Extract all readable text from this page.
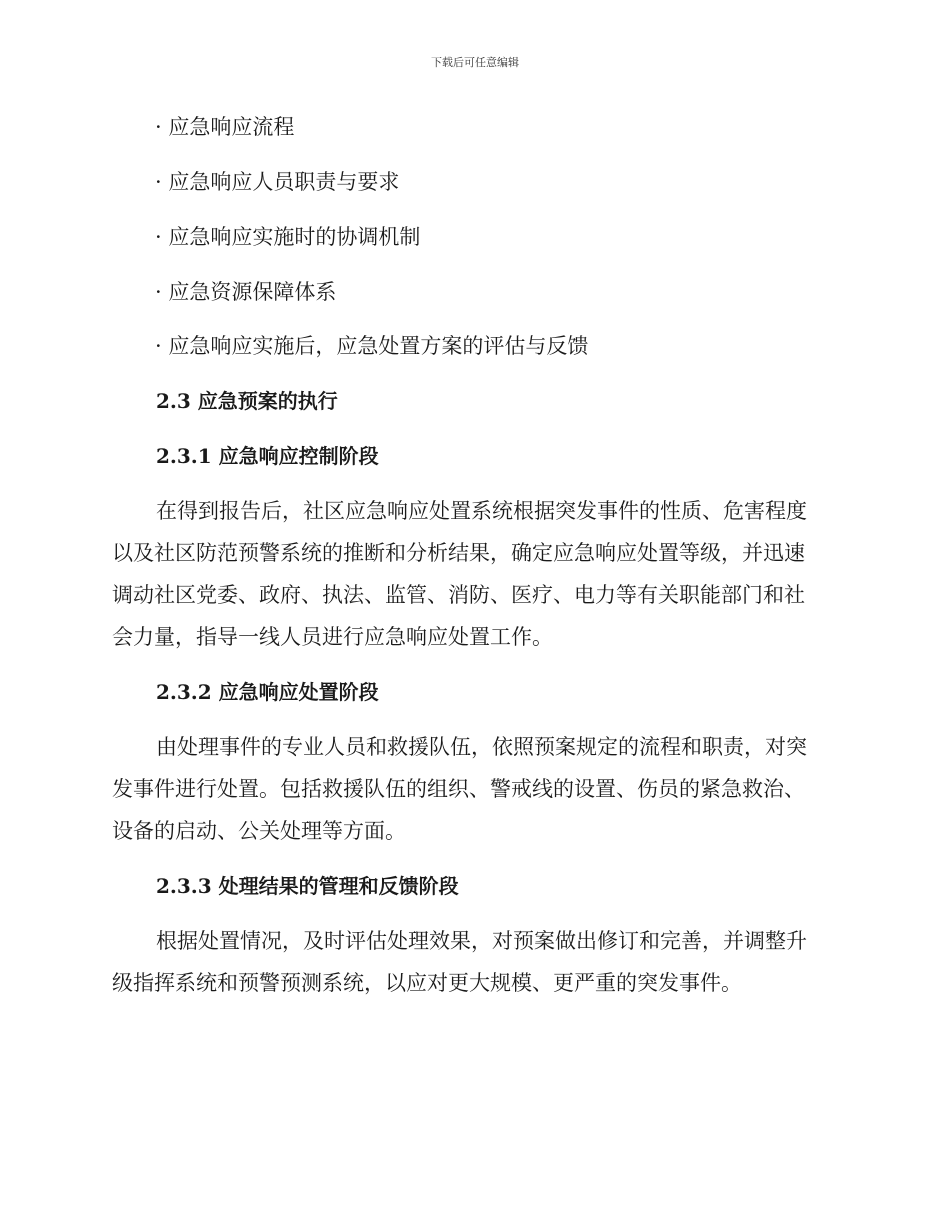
下载后可任意编辑
· 应急响应流程
· 应急响应人员职责与要求
· 应急响应实施时的协调机制
· 应急资源保障体系
· 应急响应实施后，应急处置方案的评估与反馈
2.3 应急预案的执行
2.3.1 应急响应控制阶段
在得到报告后，社区应急响应处置系统根据突发事件的性质、危害程度
以及社区防范预警系统的推断和分析结果，确定应急响应处置等级，并迅速
调动社区党委、政府、执法、监管、消防、医疗、电力等有关职能部门和社
会力量，指导一线人员进行应急响应处置工作。
2.3.2 应急响应处置阶段
由处理事件的专业人员和救援队伍，依照预案规定的流程和职责，对突
发事件进行处置。包括救援队伍的组织、警戒线的设置、伤员的紧急救治、
设备的启动、公关处理等方面。
2.3.3 处理结果的管理和反馈阶段
根据处置情况，及时评估处理效果，对预案做出修订和完善，并调整升
级指挥系统和预警预测系统，以应对更大规模、更严重的突发事件。
